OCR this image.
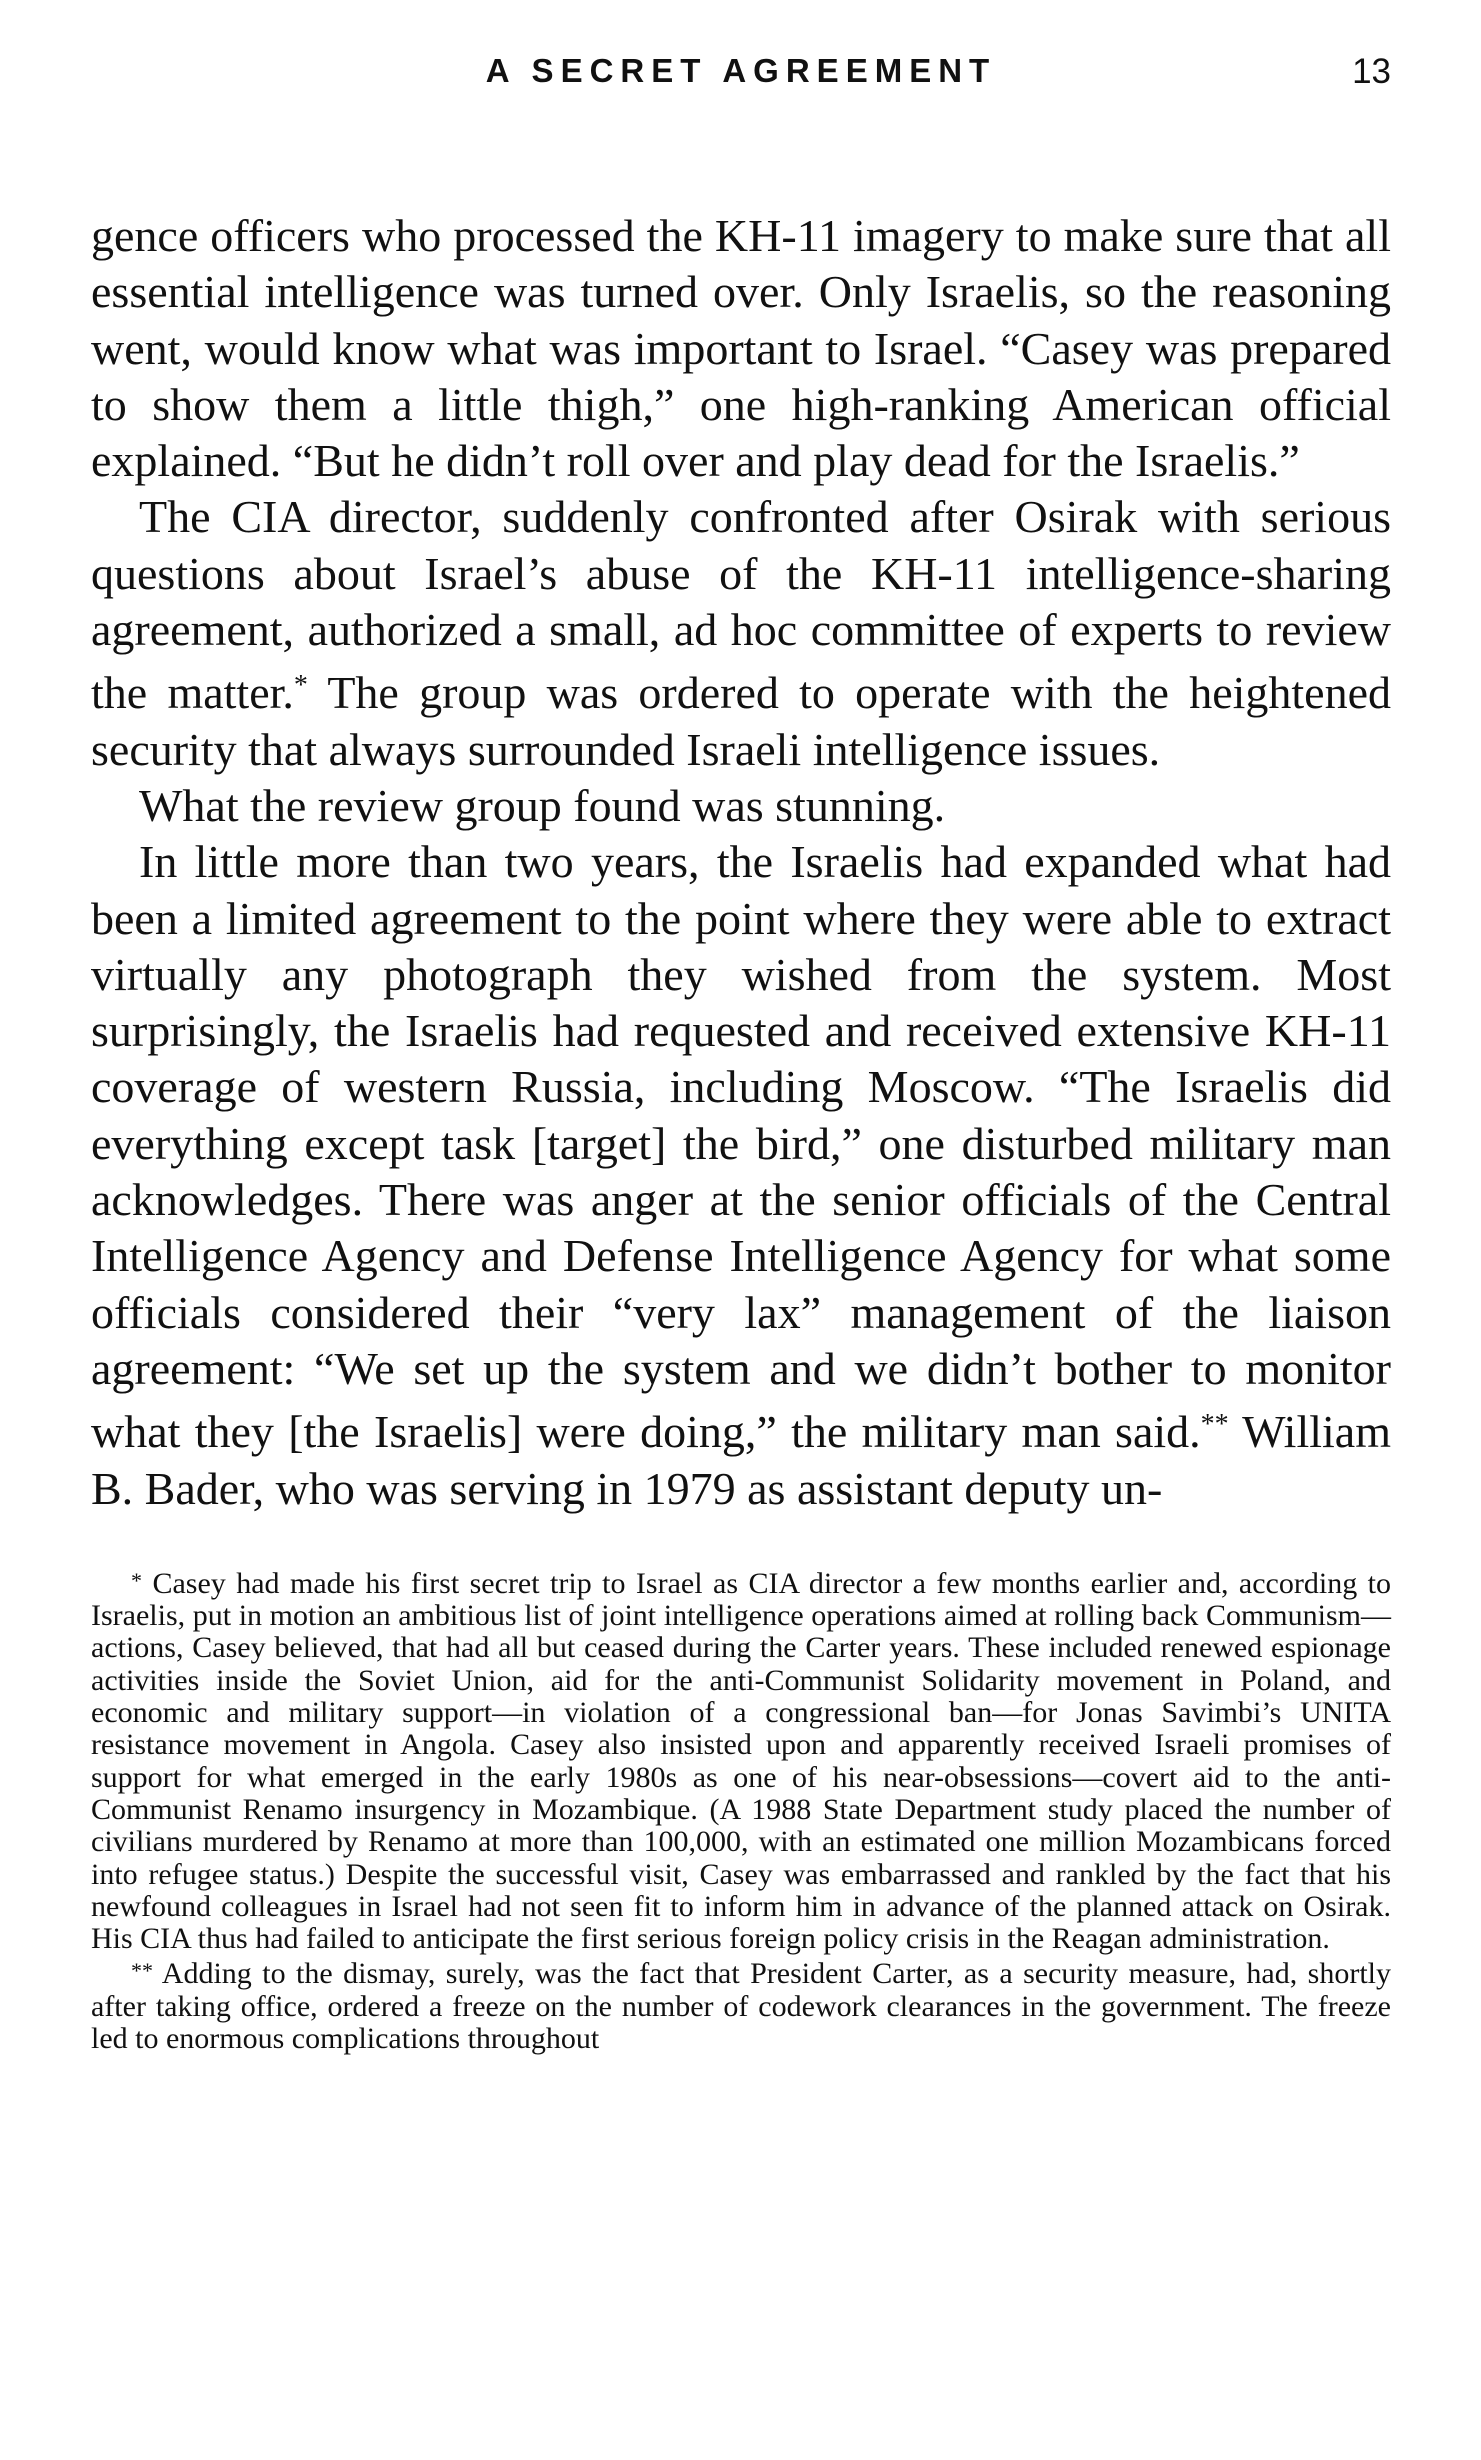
A SECRET AGREEMENT	13

gence officers who processed the KH-11 imagery to make sure that all essential intelligence was turned over. Only Israelis, so the reasoning went, would know what was important to Israel. “Casey was prepared to show them a little thigh,” one high-ranking American official explained. “But he didn’t roll over and play dead for the Israelis.”

The CIA director, suddenly confronted after Osirak with serious questions about Israel’s abuse of the KH-11 intelligence-sharing agreement, authorized a small, ad hoc committee of experts to review the matter.* The group was ordered to operate with the heightened security that always surrounded Israeli intelligence issues.

What the review group found was stunning.

In little more than two years, the Israelis had expanded what had been a limited agreement to the point where they were able to extract virtually any photograph they wished from the system. Most surprisingly, the Israelis had requested and received extensive KH-11 coverage of western Russia, including Moscow. “The Israelis did everything except task [target] the bird,” one disturbed military man acknowledges. There was anger at the senior officials of the Central Intelligence Agency and Defense Intelligence Agency for what some officials considered their “very lax” management of the liaison agreement: “We set up the system and we didn’t bother to monitor what they [the Israelis] were doing,” the military man said.** William B. Bader, who was serving in 1979 as assistant deputy un-

* Casey had made his first secret trip to Israel as CIA director a few months earlier and, according to Israelis, put in motion an ambitious list of joint intelligence operations aimed at rolling back Communism—actions, Casey believed, that had all but ceased during the Carter years. These included renewed espionage activities inside the Soviet Union, aid for the anti-Communist Solidarity movement in Poland, and economic and military support—in violation of a congressional ban—for Jonas Savimbi’s UNITA resistance movement in Angola. Casey also insisted upon and apparently received Israeli promises of support for what emerged in the early 1980s as one of his near-obsessions—covert aid to the anti-Communist Renamo insurgency in Mozambique. (A 1988 State Department study placed the number of civilians murdered by Renamo at more than 100,000, with an estimated one million Mozambicans forced into refugee status.) Despite the successful visit, Casey was embarrassed and rankled by the fact that his newfound colleagues in Israel had not seen fit to inform him in advance of the planned attack on Osirak. His CIA thus had failed to anticipate the first serious foreign policy crisis in the Reagan administration.

** Adding to the dismay, surely, was the fact that President Carter, as a security measure, had, shortly after taking office, ordered a freeze on the number of codework clearances in the government. The freeze led to enormous complications throughout
